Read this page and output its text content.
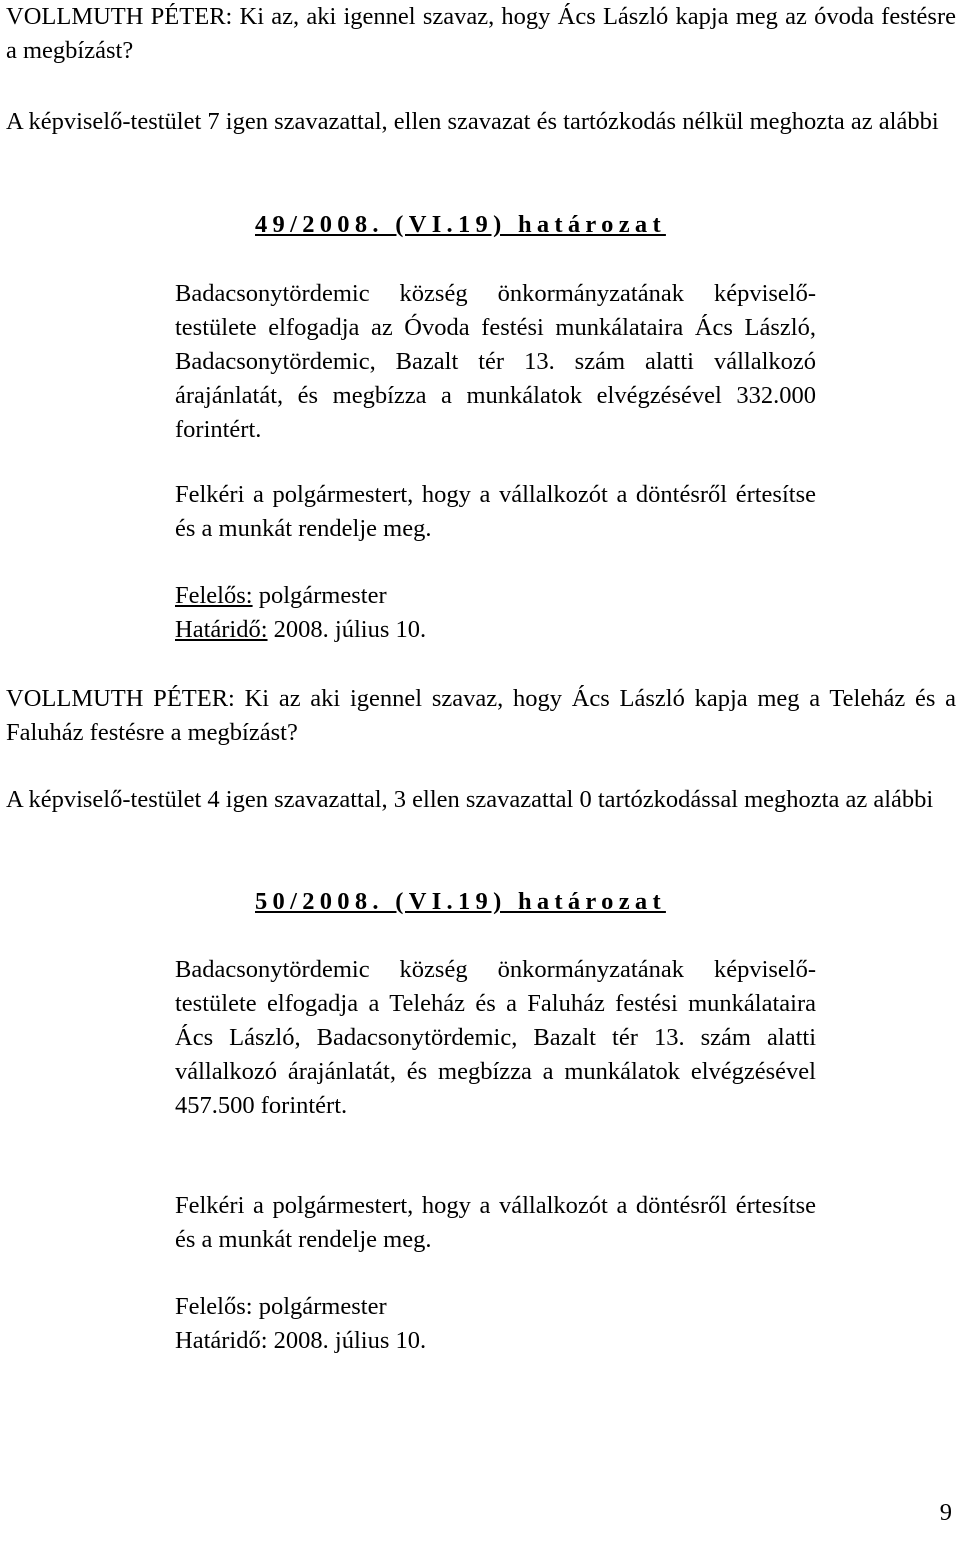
VOLLMUTH PÉTER: Ki az, aki igennel szavaz, hogy Ács László kapja meg az óvoda festésre a megbízást?

A képviselő-testület 7 igen szavazattal, ellen szavazat és tartózkodás nélkül meghozta az alábbi

49/2008. (VI.19) határozat

Badacsonytördemic község önkormányzatának képviselő-testülete elfogadja az Óvoda festési munkálataira Ács László, Badacsonytördemic, Bazalt tér 13. szám alatti vállalkozó árajánlatát, és megbízza a munkálatok elvégzésével 332.000 forintért.

Felkéri a polgármestert, hogy a vállalkozót a döntésről értesítse és a munkát rendelje meg.

Felelős: polgármester
Határidő: 2008. július 10.

VOLLMUTH PÉTER: Ki az aki igennel szavaz, hogy Ács László kapja meg a Teleház és a Faluház festésre a megbízást?

A képviselő-testület 4 igen szavazattal, 3 ellen szavazattal 0 tartózkodással meghozta az alábbi

50/2008. (VI.19) határozat

Badacsonytördemic község önkormányzatának képviselő-testülete elfogadja a Teleház és a Faluház festési munkálataira Ács László, Badacsonytördemic, Bazalt tér 13. szám alatti vállalkozó árajánlatát, és megbízza a munkálatok elvégzésével 457.500 forintért.

Felkéri a polgármestert, hogy a vállalkozót a döntésről értesítse és a munkát rendelje meg.

Felelős: polgármester
Határidő: 2008. július 10.

9
